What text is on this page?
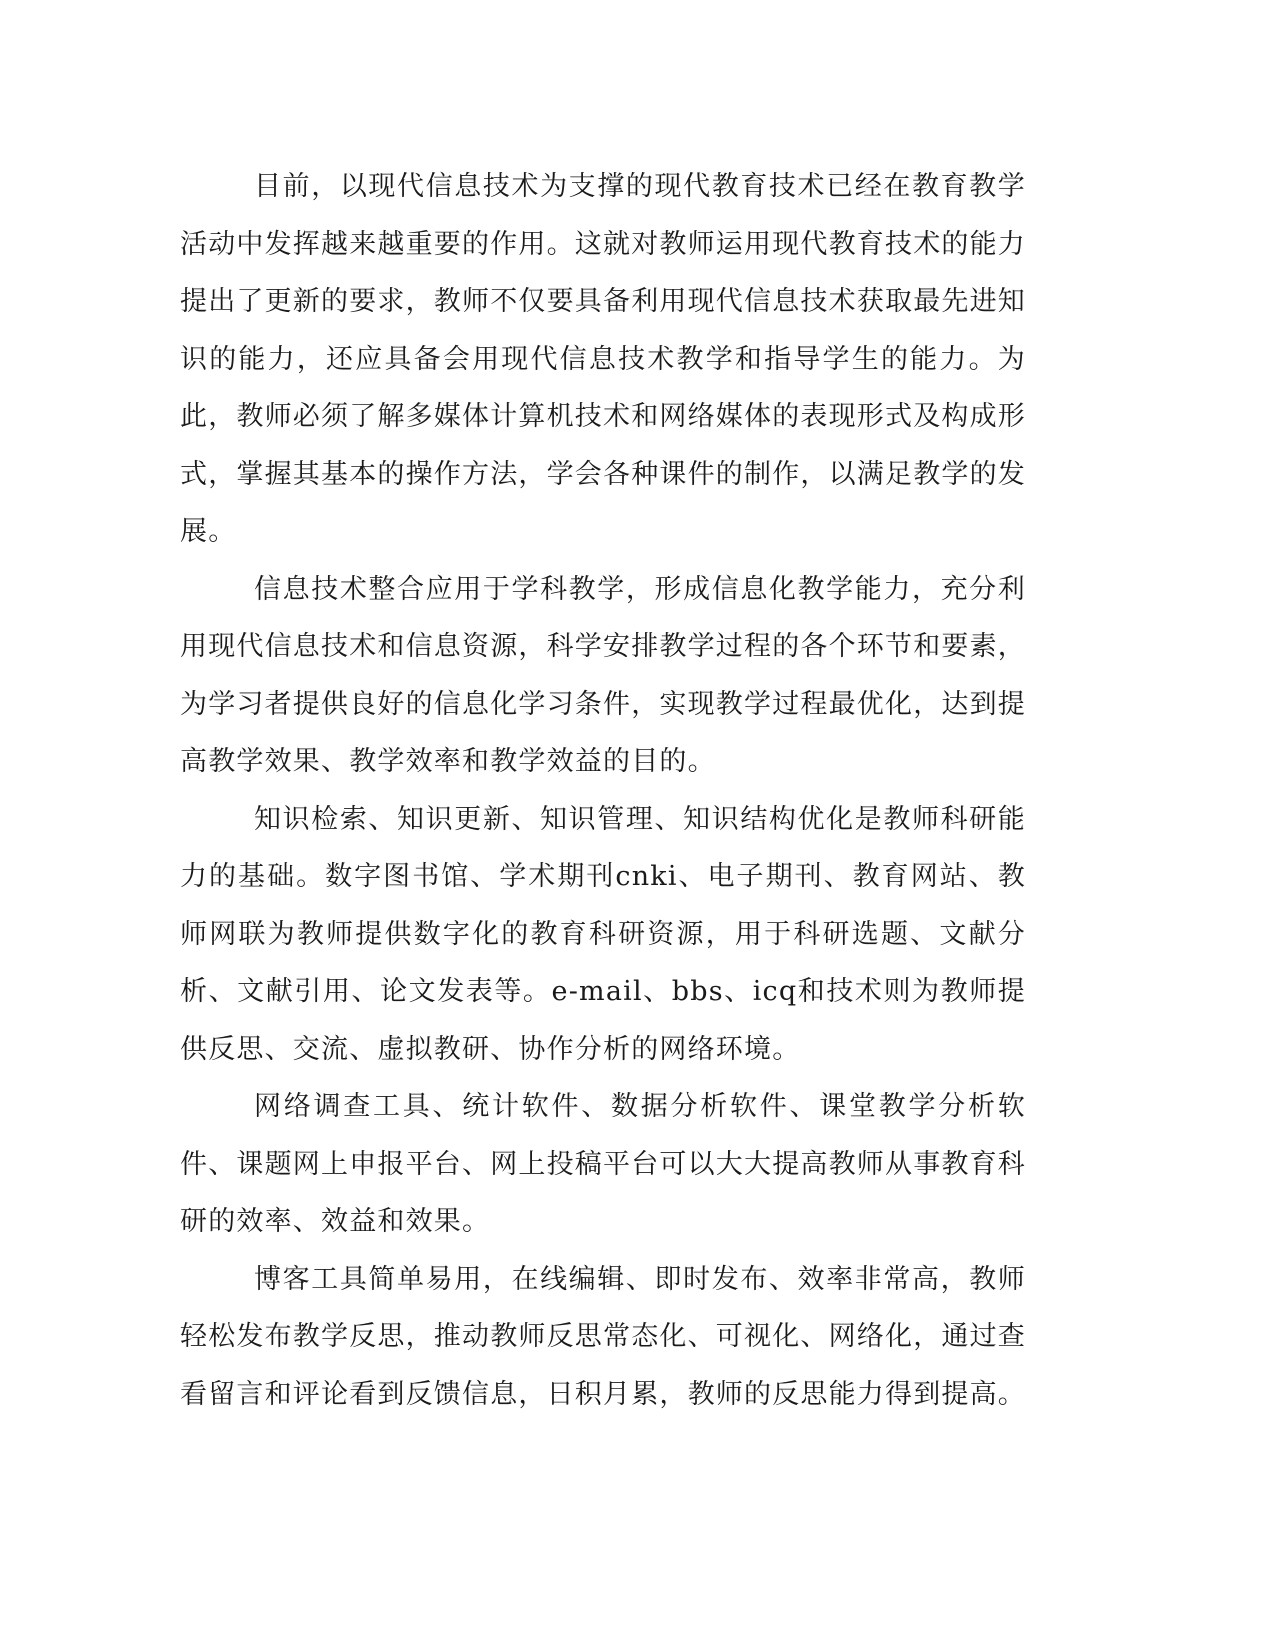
目前，以现代信息技术为支撑的现代教育技术已经在教育教学活动中发挥越来越重要的作用。这就对教师运用现代教育技术的能力提出了更新的要求，教师不仅要具备利用现代信息技术获取最先进知识的能力，还应具备会用现代信息技术教学和指导学生的能力。为此，教师必须了解多媒体计算机技术和网络媒体的表现形式及构成形式，掌握其基本的操作方法，学会各种课件的制作，以满足教学的发展。

信息技术整合应用于学科教学，形成信息化教学能力，充分利用现代信息技术和信息资源，科学安排教学过程的各个环节和要素，为学习者提供良好的信息化学习条件，实现教学过程最优化，达到提高教学效果、教学效率和教学效益的目的。

知识检索、知识更新、知识管理、知识结构优化是教师科研能力的基础。数字图书馆、学术期刊cnki、电子期刊、教育网站、教师网联为教师提供数字化的教育科研资源，用于科研选题、文献分析、文献引用、论文发表等。e-mail、bbs、icq和技术则为教师提供反思、交流、虚拟教研、协作分析的网络环境。

网络调查工具、统计软件、数据分析软件、课堂教学分析软件、课题网上申报平台、网上投稿平台可以大大提高教师从事教育科研的效率、效益和效果。

博客工具简单易用，在线编辑、即时发布、效率非常高，教师轻松发布教学反思，推动教师反思常态化、可视化、网络化，通过查看留言和评论看到反馈信息，日积月累，教师的反思能力得到提高。
